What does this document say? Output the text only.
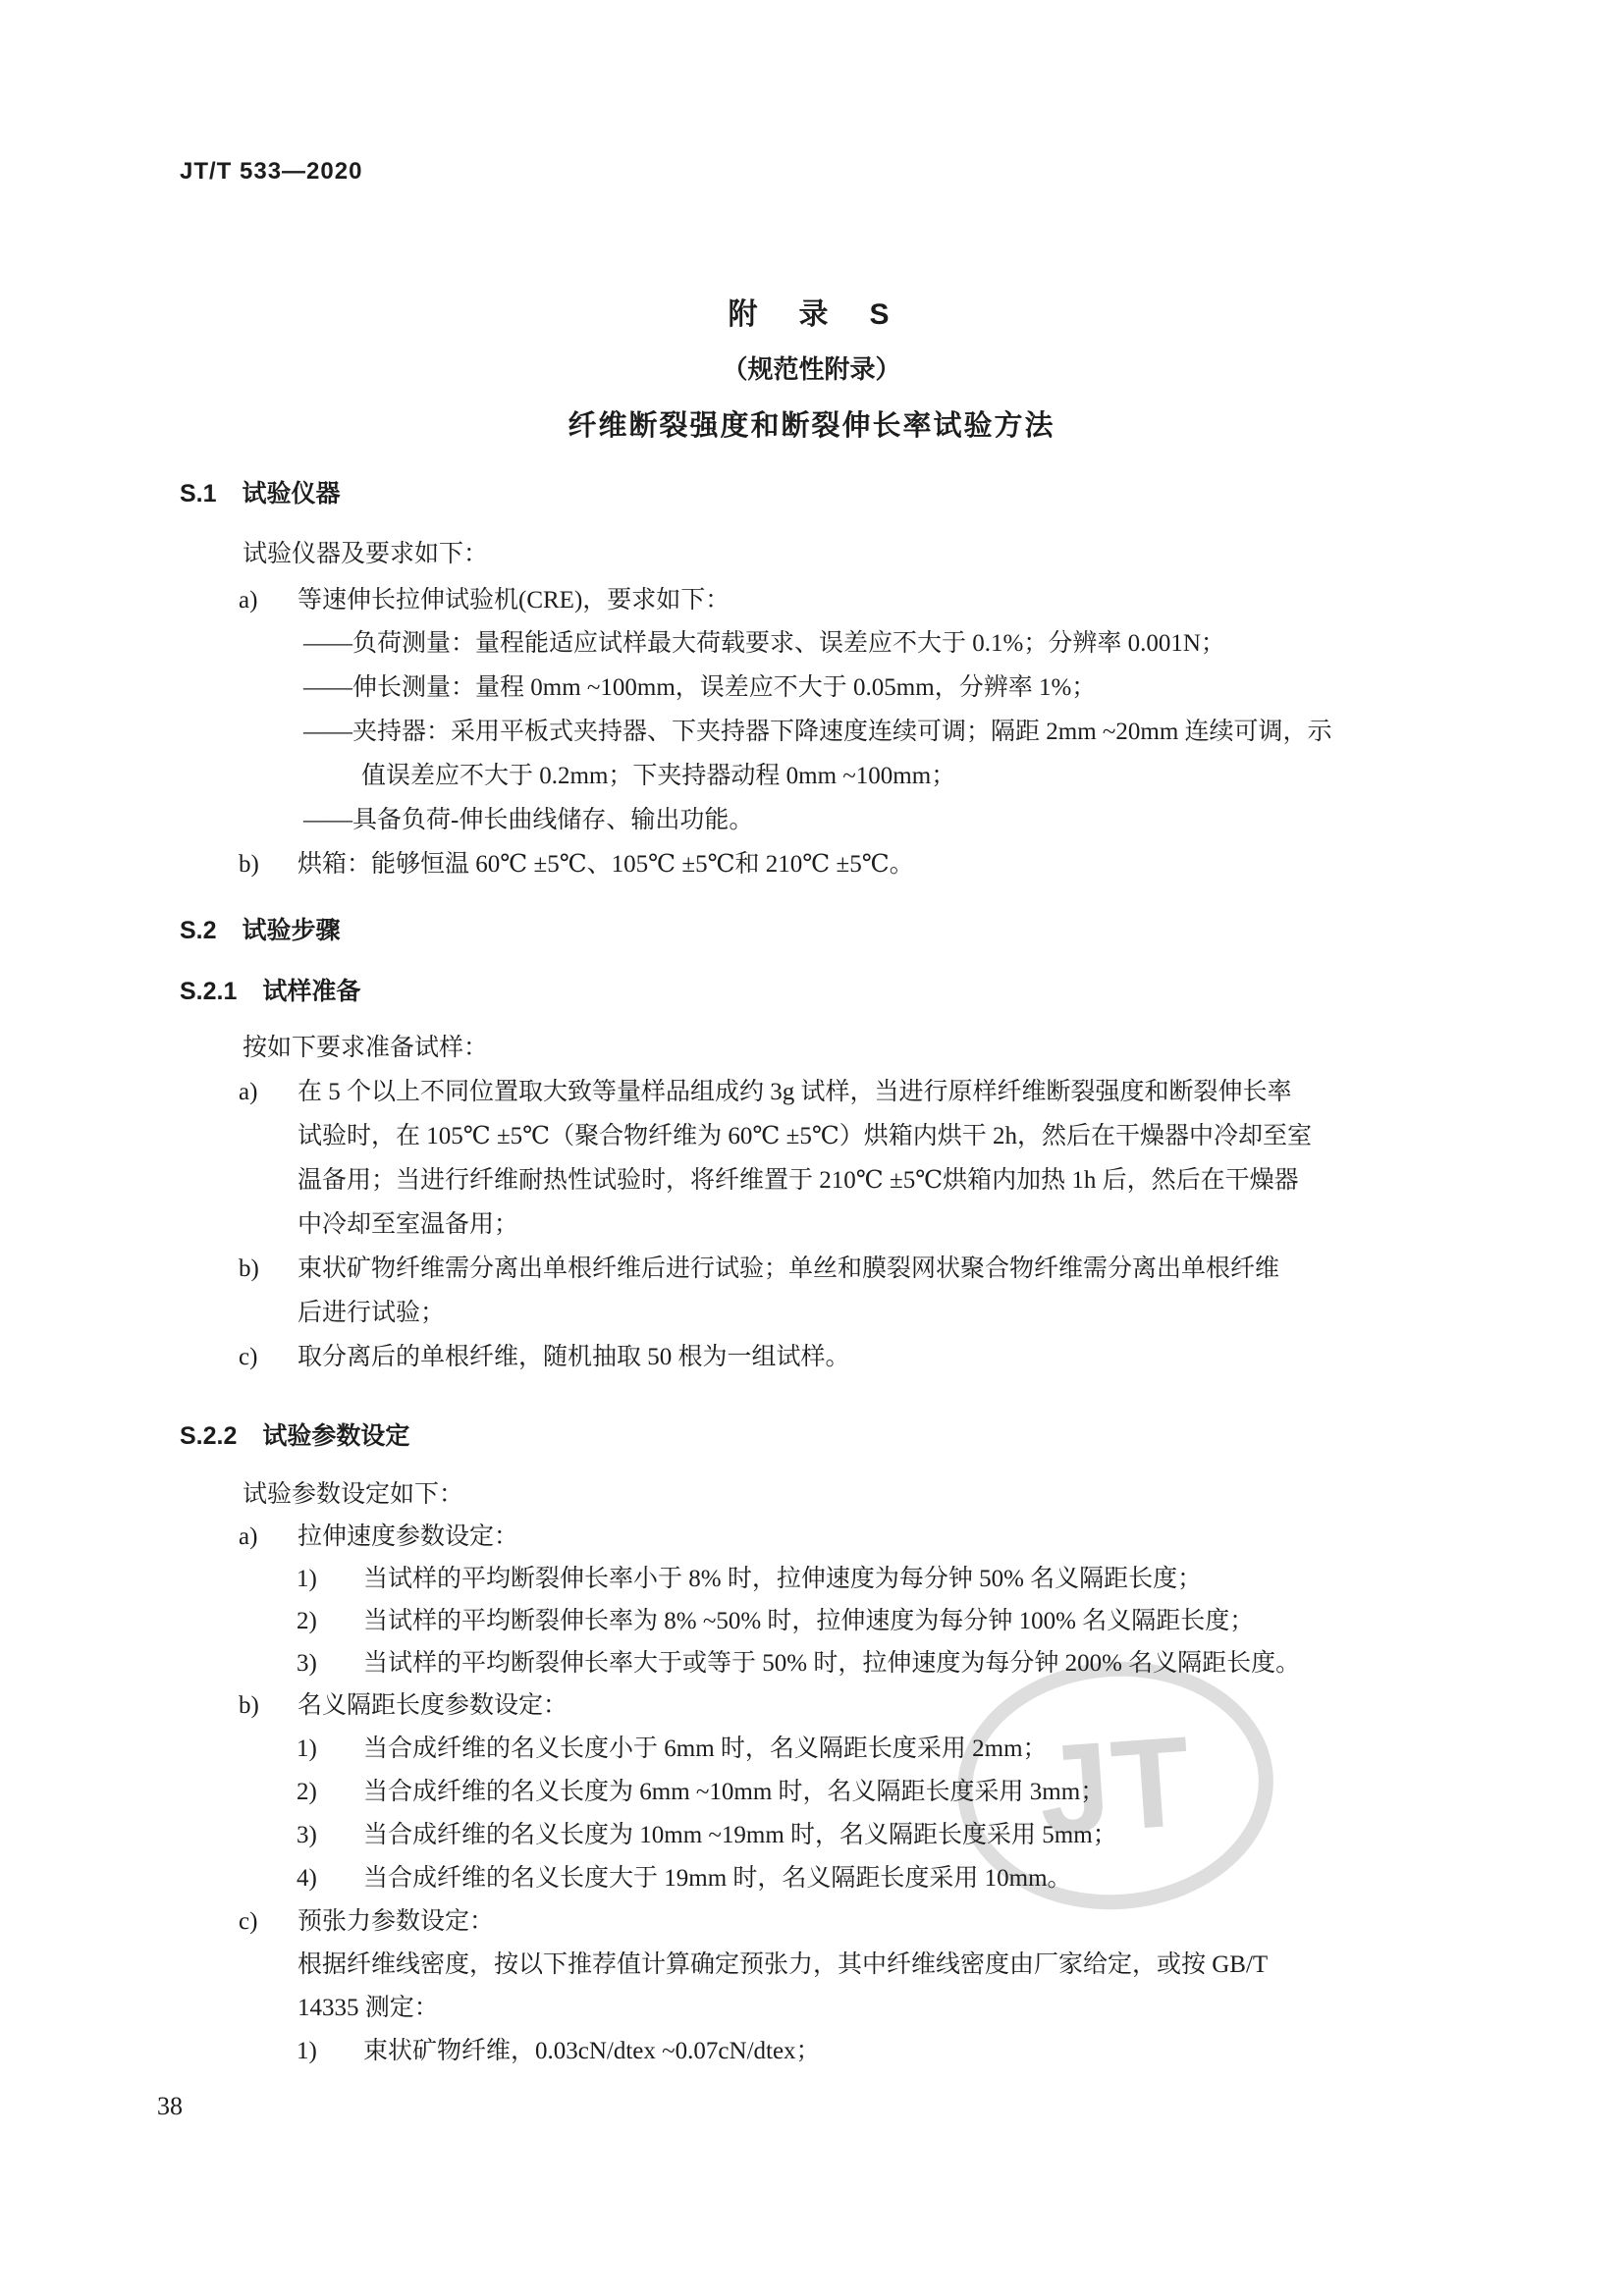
JT
JT/T 533—2020
附　录　S
（规范性附录）
纤维断裂强度和断裂伸长率试验方法
S.1 试验仪器
试验仪器及要求如下：
a)	等速伸长拉伸试验机(CRE)，要求如下：
——负荷测量：量程能适应试样最大荷载要求、误差应不大于 0.1%；分辨率 0.001N；
——伸长测量：量程 0mm ~100mm，误差应不大于 0.05mm，分辨率 1%；
——夹持器：采用平板式夹持器、下夹持器下降速度连续可调；隔距 2mm ~20mm 连续可调，示
值误差应不大于 0.2mm；下夹持器动程 0mm ~100mm；
——具备负荷-伸长曲线储存、输出功能。
b)	烘箱：能够恒温 60℃ ±5℃、105℃ ±5℃和 210℃ ±5℃。
S.2 试验步骤
S.2.1 试样准备
按如下要求准备试样：
a)	在 5 个以上不同位置取大致等量样品组成约 3g 试样，当进行原样纤维断裂强度和断裂伸长率
试验时，在 105℃ ±5℃（聚合物纤维为 60℃ ±5℃）烘箱内烘干 2h，然后在干燥器中冷却至室
温备用；当进行纤维耐热性试验时，将纤维置于 210℃ ±5℃烘箱内加热 1h 后，然后在干燥器
中冷却至室温备用；
b)	束状矿物纤维需分离出单根纤维后进行试验；单丝和膜裂网状聚合物纤维需分离出单根纤维
后进行试验；
c)	取分离后的单根纤维，随机抽取 50 根为一组试样。
S.2.2 试验参数设定
试验参数设定如下：
a)	拉伸速度参数设定：
1)	当试样的平均断裂伸长率小于 8% 时，拉伸速度为每分钟 50% 名义隔距长度；
2)	当试样的平均断裂伸长率为 8% ~50% 时，拉伸速度为每分钟 100% 名义隔距长度；
3)	当试样的平均断裂伸长率大于或等于 50% 时，拉伸速度为每分钟 200% 名义隔距长度。
b)	名义隔距长度参数设定：
1)	当合成纤维的名义长度小于 6mm 时，名义隔距长度采用 2mm；
2)	当合成纤维的名义长度为 6mm ~10mm 时，名义隔距长度采用 3mm；
3)	当合成纤维的名义长度为 10mm ~19mm 时，名义隔距长度采用 5mm；
4)	当合成纤维的名义长度大于 19mm 时，名义隔距长度采用 10mm。
c)	预张力参数设定：
根据纤维线密度，按以下推荐值计算确定预张力，其中纤维线密度由厂家给定，或按 GB/T
14335 测定：
1)	束状矿物纤维，0.03cN/dtex ~0.07cN/dtex；
38
